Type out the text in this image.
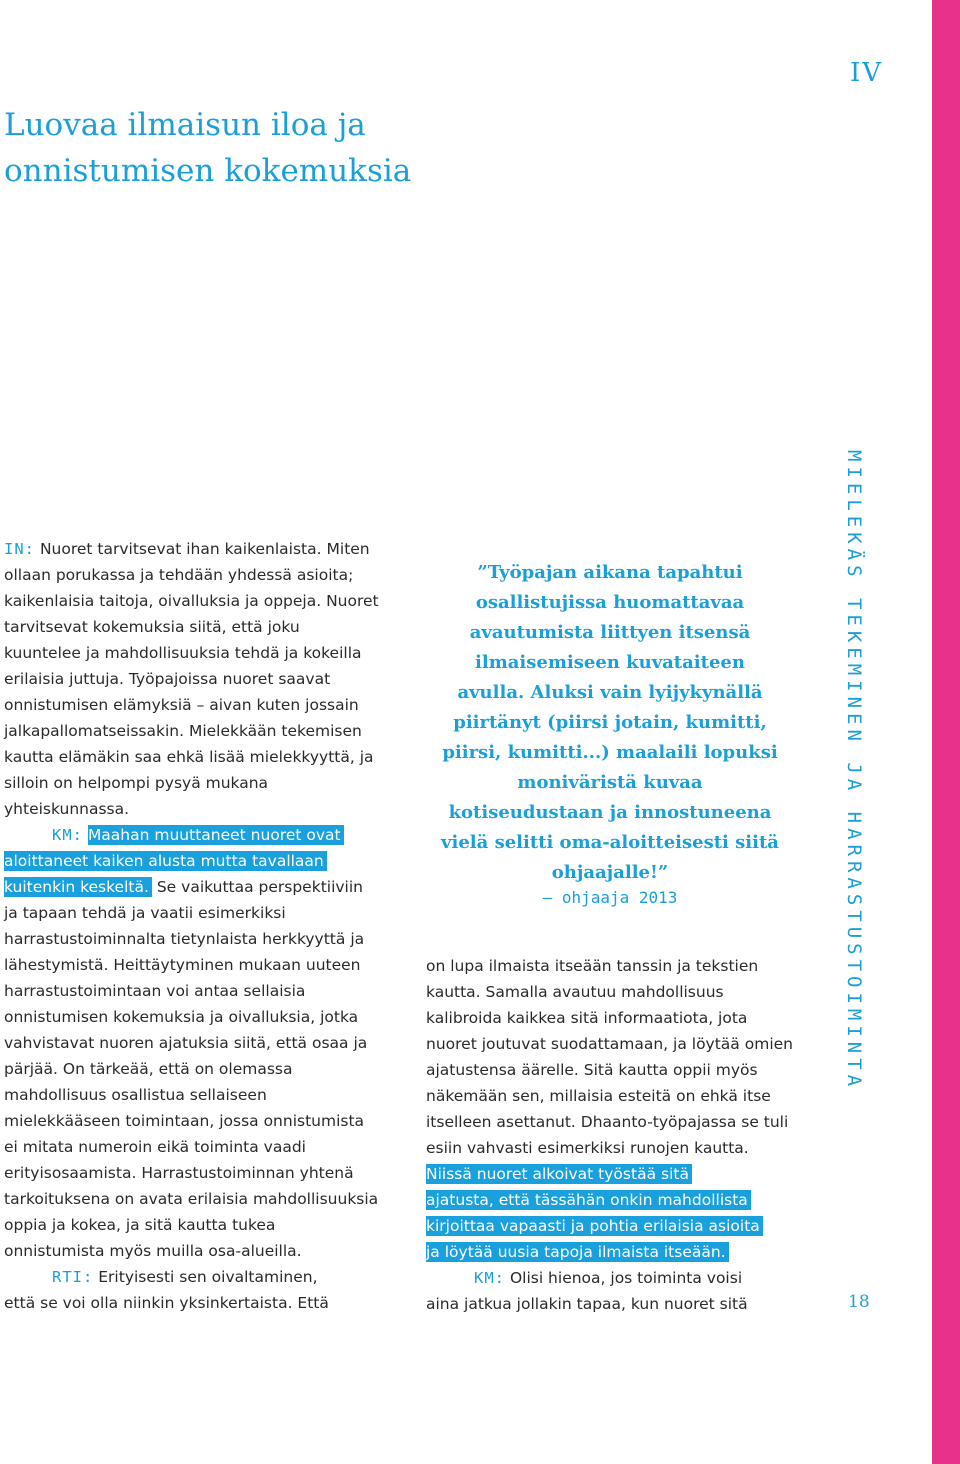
IV
Luovaa ilmaisun iloa ja onnistumisen kokemuksia

IN: Nuoret tarvitsevat ihan kaikenlaista. Miten ollaan porukassa ja tehdään yhdessä asioita; kaikenlaisia taitoja, oivalluksia ja oppeja. Nuoret tarvitsevat kokemuksia siitä, että joku kuuntelee ja mahdollisuuksia tehdä ja kokeilla erilaisia juttuja. Työpajoissa nuoret saavat onnistumisen elämyksiä – aivan kuten jossain jalkapallomatseissakin. Mielekkään tekemisen kautta elämäkin saa ehkä lisää mielekkyyttä, ja silloin on helpompi pysyä mukana yhteiskunnassa.

KM: Maahan muuttaneet nuoret ovat

aloittaneet kaiken alusta mutta tavallaan
kuitenkin keskeltä. Se vaikuttaa perspektiiviin ja tapaan tehdä ja vaatii esimerkiksi harrastustoiminnalta tietynlaista herkkyyttä ja lähestymistä. Heittäytyminen mukaan uuteen harrastustoimintaan voi antaa sellaisia onnistumisen kokemuksia ja oivalluksia, jotka vahvistavat nuoren ajatuksia siitä, että osaa ja pärjää. On tärkeää, että on olemassa mahdollisuus osallistua sellaiseen mielekkääseen toimintaan, jossa onnistumista ei mitata numeroin eikä toiminta vaadi erityisosaamista. Harrastustoiminnan yhtenä tarkoituksena on avata erilaisia mahdollisuuksia oppia ja kokea, ja sitä kautta tukea onnistumista myös muilla osa-alueilla.

RTI: Erityisesti sen oivaltaminen,

että se voi olla niinkin yksinkertaista. Että

”Työpajan aikana tapahtui osallistujissa huomattavaa avautumista liittyen itsensä ilmaisemiseen kuvataiteen avulla. Aluksi vain lyijykynällä piirtänyt (piirsi jotain, kumitti, piirsi, kumitti...) maalaili lopuksi moniväristä kuvaa kotiseudustaan ja innostuneena vielä selitti oma-aloitteisesti siitä ohjaajalle!”
– ohjaaja 2013

on lupa ilmaista itseään tanssin ja tekstien kautta. Samalla avautuu mahdollisuus kalibroida kaikkea sitä informaatiota, jota nuoret joutuvat suodattamaan, ja löytää omien ajatustensa äärelle. Sitä kautta oppii myös näkemään sen, millaisia esteitä on ehkä itse itselleen asettanut. Dhaanto-työpajassa se tuli esiin vahvasti esimerkiksi runojen kautta. Niissä nuoret alkoivat työstää sitä
ajatusta, että tässähän onkin mahdollista
kirjoittaa vapaasti ja pohtia erilaisia asioita
ja löytää uusia tapoja ilmaista itseään.

KM: Olisi hienoa, jos toiminta voisi

aina jatkua jollakin tapaa, kun nuoret sitä

MIELEKÄS TEKEMINEN JA HARRASTUSTOIMINTA
18
